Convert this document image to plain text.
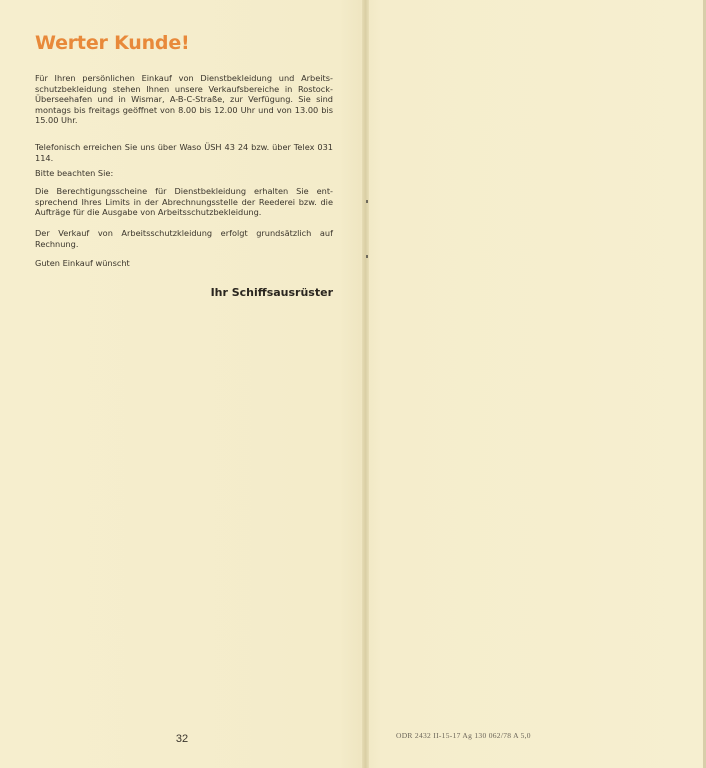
Werter Kunde!

Für Ihren persönlichen Einkauf von Dienstbekleidung und Arbeitsschutzbekleidung stehen Ihnen unsere Verkaufsbereiche in Rostock-Überseehafen und in Wismar, A-B-C-Straße, zur Verfügung. Sie sind montags bis freitags geöffnet von 8.00 bis 12.00 Uhr und von 13.00 bis 15.00 Uhr.

Telefonisch erreichen Sie uns über Waso ÜSH 43 24 bzw. über Telex 031 114.

Bitte beachten Sie:

Die Berechtigungsscheine für Dienstbekleidung erhalten Sie entsprechend Ihres Limits in der Abrechnungsstelle der Reederei bzw. die Aufträge für die Ausgabe von Arbeitsschutzbekleidung.

Der Verkauf von Arbeitsschutzkleidung erfolgt grundsätzlich auf Rechnung.

Guten Einkauf wünscht

Ihr Schiffsausrüster

32	ODR 2432 II-15-17 Ag 130 062/78 A 5,0
